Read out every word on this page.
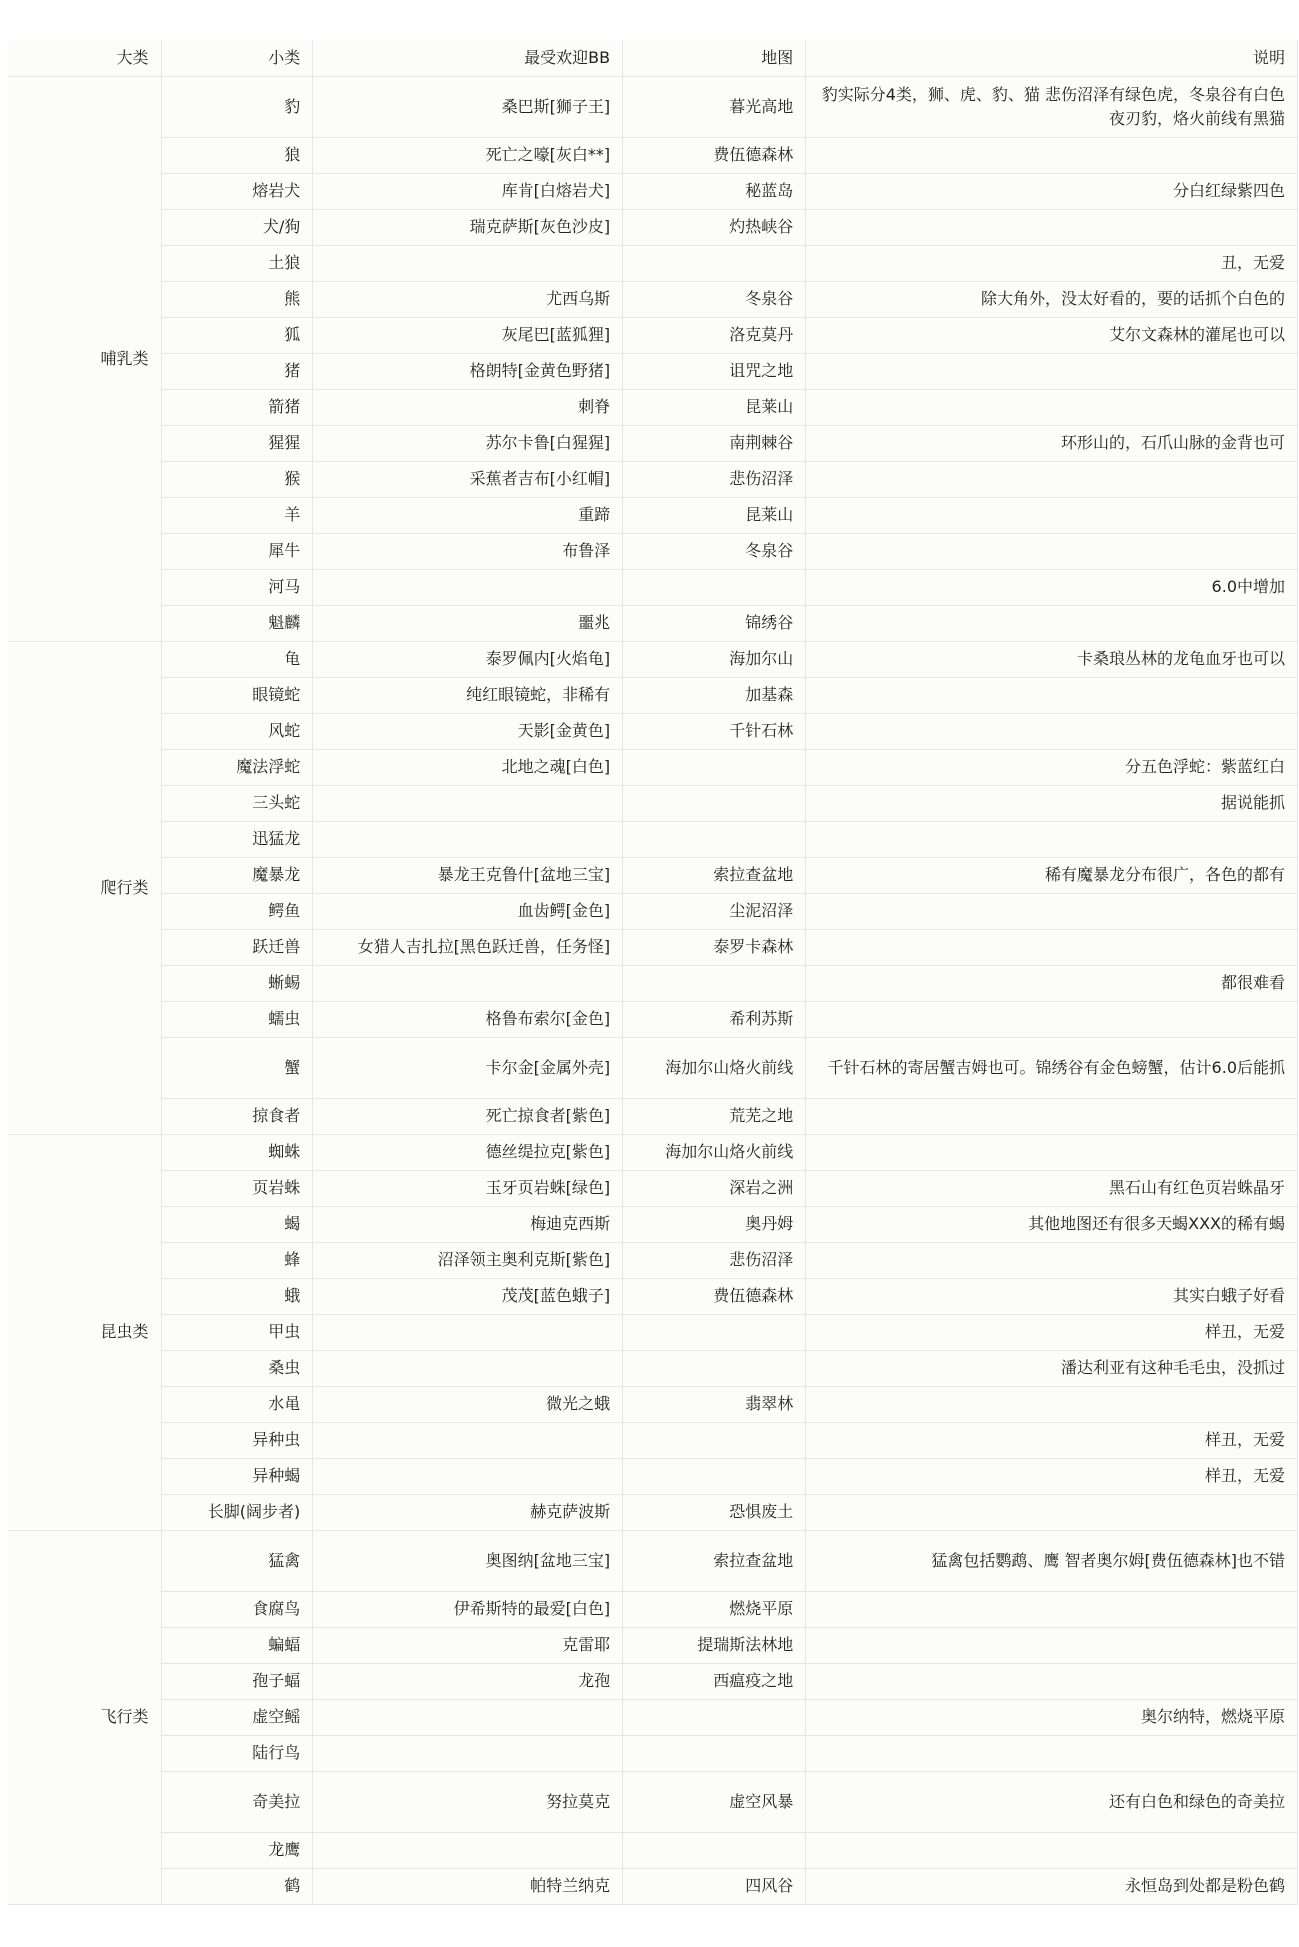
大类	小类	最受欢迎BB	地图	说明
哺乳类	豹	桑巴斯[狮子王]	暮光高地	豹实际分4类，狮、虎、豹、猫 悲伤沼泽有绿色虎，冬泉谷有白色夜刃豹，烙火前线有黑猫
	狼	死亡之嚎[灰白**]	费伍德森林	
	熔岩犬	库肯[白熔岩犬]	秘蓝岛	分白红绿紫四色
	犬/狗	瑞克萨斯[灰色沙皮]	灼热峡谷	
	土狼			丑，无爱
	熊	尤西乌斯	冬泉谷	除大角外，没太好看的，要的话抓个白色的
	狐	灰尾巴[蓝狐狸]	洛克莫丹	艾尔文森林的灌尾也可以
	猪	格朗特[金黄色野猪]	诅咒之地	
	箭猪	刺脊	昆莱山	
	猩猩	苏尔卡鲁[白猩猩]	南荆棘谷	环形山的，石爪山脉的金背也可
	猴	采蕉者吉布[小红帽]	悲伤沼泽	
	羊	重蹄	昆莱山	
	犀牛	布鲁泽	冬泉谷	
	河马			6.0中增加
	魁麟	噩兆	锦绣谷	
爬行类	龟	泰罗佩内[火焰龟]	海加尔山	卡桑琅丛林的龙龟血牙也可以
	眼镜蛇	纯红眼镜蛇，非稀有	加基森	
	风蛇	天影[金黄色]	千针石林	
	魔法浮蛇	北地之魂[白色]		分五色浮蛇：紫蓝红白
	三头蛇			据说能抓
	迅猛龙			
	魔暴龙	暴龙王克鲁什[盆地三宝]	索拉查盆地	稀有魔暴龙分布很广，各色的都有
	鳄鱼	血齿鳄[金色]	尘泥沼泽	
	跃迁兽	女猎人吉扎拉[黑色跃迁兽，任务怪]	泰罗卡森林	
	蜥蜴			都很难看
	蠕虫	格鲁布索尔[金色]	希利苏斯	
	蟹	卡尔金[金属外壳]	海加尔山烙火前线	千针石林的寄居蟹吉姆也可。锦绣谷有金色螃蟹，估计6.0后能抓
	掠食者	死亡掠食者[紫色]	荒芜之地	
昆虫类	蜘蛛	德丝缇拉克[紫色]	海加尔山烙火前线	
	页岩蛛	玉牙页岩蛛[绿色]	深岩之洲	黑石山有红色页岩蛛晶牙
	蝎	梅迪克西斯	奥丹姆	其他地图还有很多天蝎XXX的稀有蝎
	蜂	沼泽领主奥利克斯[紫色]	悲伤沼泽	
	蛾	茂茂[蓝色蛾子]	费伍德森林	其实白蛾子好看
	甲虫			样丑，无爱
	桑虫			潘达利亚有这种毛毛虫，没抓过
	水黾	微光之蛾	翡翠林	
	异种虫			样丑，无爱
	异种蝎			样丑，无爱
	长脚(阔步者)	赫克萨波斯	恐惧废土	
飞行类	猛禽	奥图纳[盆地三宝]	索拉查盆地	猛禽包括鹦鹉、鹰 智者奥尔姆[费伍德森林]也不错
	食腐鸟	伊希斯特的最爱[白色]	燃烧平原	
	蝙蝠	克雷耶	提瑞斯法林地	
	孢子蝠	龙孢	西瘟疫之地	
	虚空鳐			奥尔纳特，燃烧平原
	陆行鸟			
	奇美拉	努拉莫克	虚空风暴	还有白色和绿色的奇美拉
	龙鹰			
	鹤	帕特兰纳克	四风谷	永恒岛到处都是粉色鹤
